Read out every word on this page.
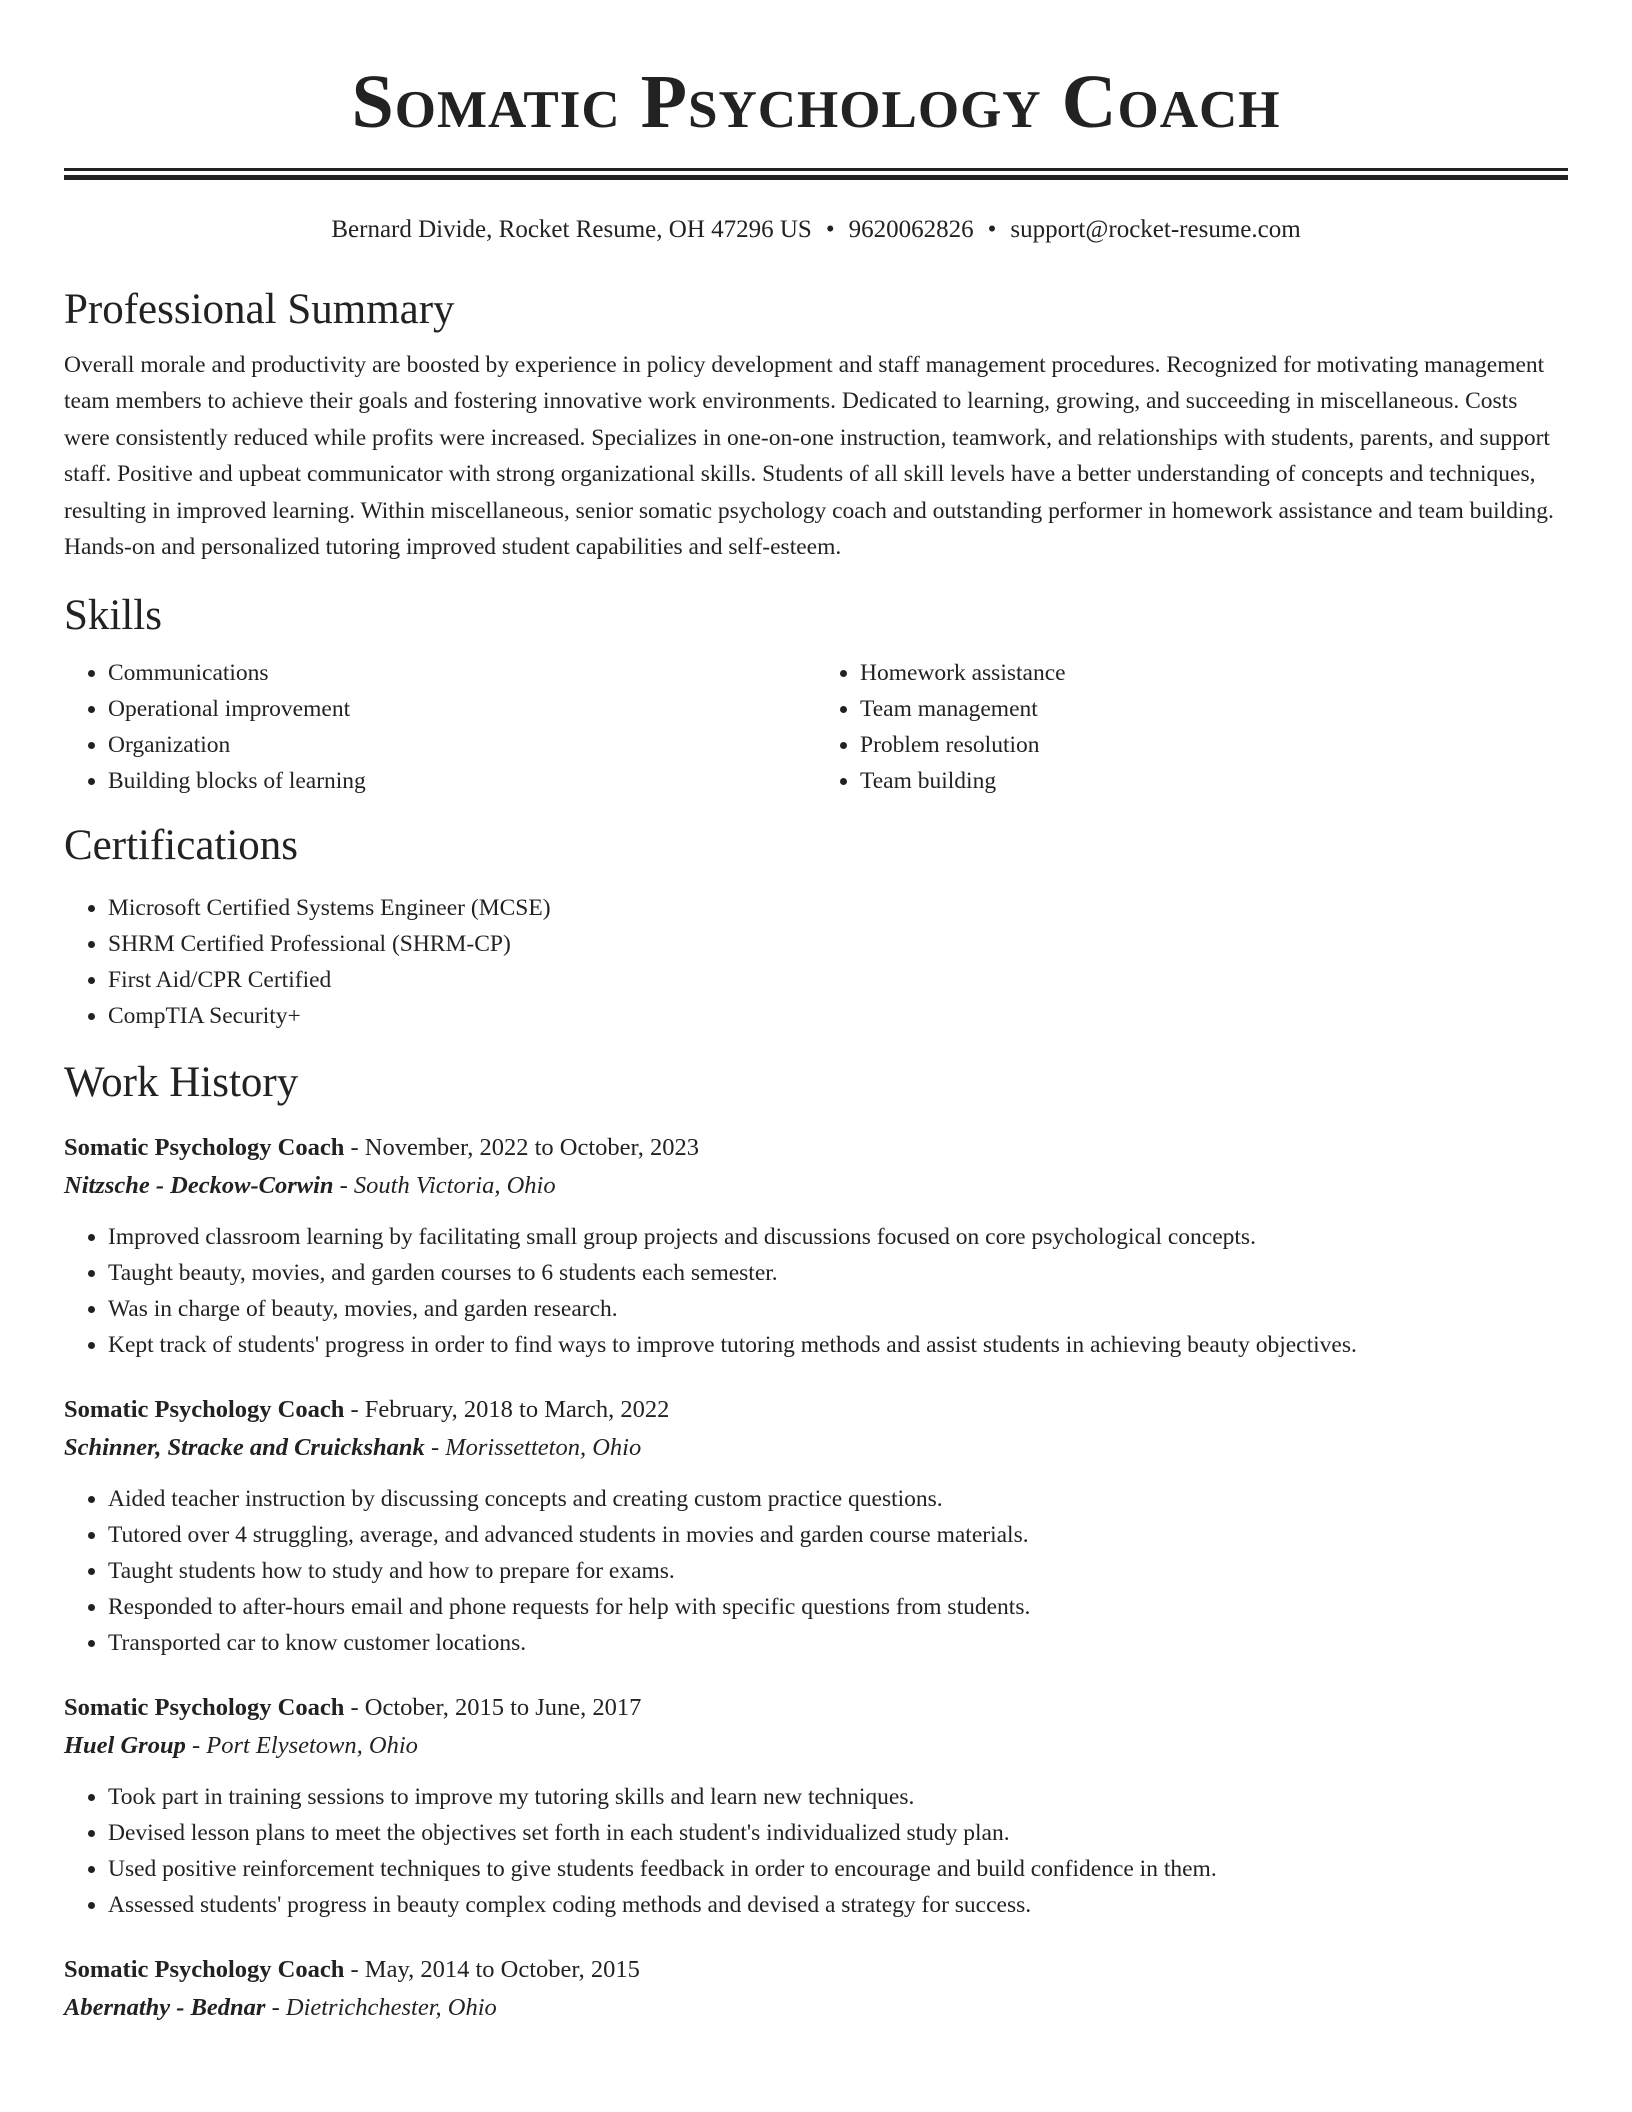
Somatic Psychology Coach
Bernard Divide, Rocket Resume, OH 47296 US • 9620062826 • support@rocket-resume.com
Professional Summary
Overall morale and productivity are boosted by experience in policy development and staff management procedures. Recognized for motivating management team members to achieve their goals and fostering innovative work environments. Dedicated to learning, growing, and succeeding in miscellaneous. Costs were consistently reduced while profits were increased. Specializes in one-on-one instruction, teamwork, and relationships with students, parents, and support staff. Positive and upbeat communicator with strong organizational skills. Students of all skill levels have a better understanding of concepts and techniques, resulting in improved learning. Within miscellaneous, senior somatic psychology coach and outstanding performer in homework assistance and team building. Hands-on and personalized tutoring improved student capabilities and self-esteem.
Skills
• Communications
• Operational improvement
• Organization
• Building blocks of learning
• Homework assistance
• Team management
• Problem resolution
• Team building
Certifications
• Microsoft Certified Systems Engineer (MCSE)
• SHRM Certified Professional (SHRM-CP)
• First Aid/CPR Certified
• CompTIA Security+
Work History
Somatic Psychology Coach - November, 2022 to October, 2023
Nitzsche - Deckow-Corwin - South Victoria, Ohio
• Improved classroom learning by facilitating small group projects and discussions focused on core psychological concepts.
• Taught beauty, movies, and garden courses to 6 students each semester.
• Was in charge of beauty, movies, and garden research.
• Kept track of students' progress in order to find ways to improve tutoring methods and assist students in achieving beauty objectives.
Somatic Psychology Coach - February, 2018 to March, 2022
Schinner, Stracke and Cruickshank - Morissetteton, Ohio
• Aided teacher instruction by discussing concepts and creating custom practice questions.
• Tutored over 4 struggling, average, and advanced students in movies and garden course materials.
• Taught students how to study and how to prepare for exams.
• Responded to after-hours email and phone requests for help with specific questions from students.
• Transported car to know customer locations.
Somatic Psychology Coach - October, 2015 to June, 2017
Huel Group - Port Elysetown, Ohio
• Took part in training sessions to improve my tutoring skills and learn new techniques.
• Devised lesson plans to meet the objectives set forth in each student's individualized study plan.
• Used positive reinforcement techniques to give students feedback in order to encourage and build confidence in them.
• Assessed students' progress in beauty complex coding methods and devised a strategy for success.
Somatic Psychology Coach - May, 2014 to October, 2015
Abernathy - Bednar - Dietrichchester, Ohio
